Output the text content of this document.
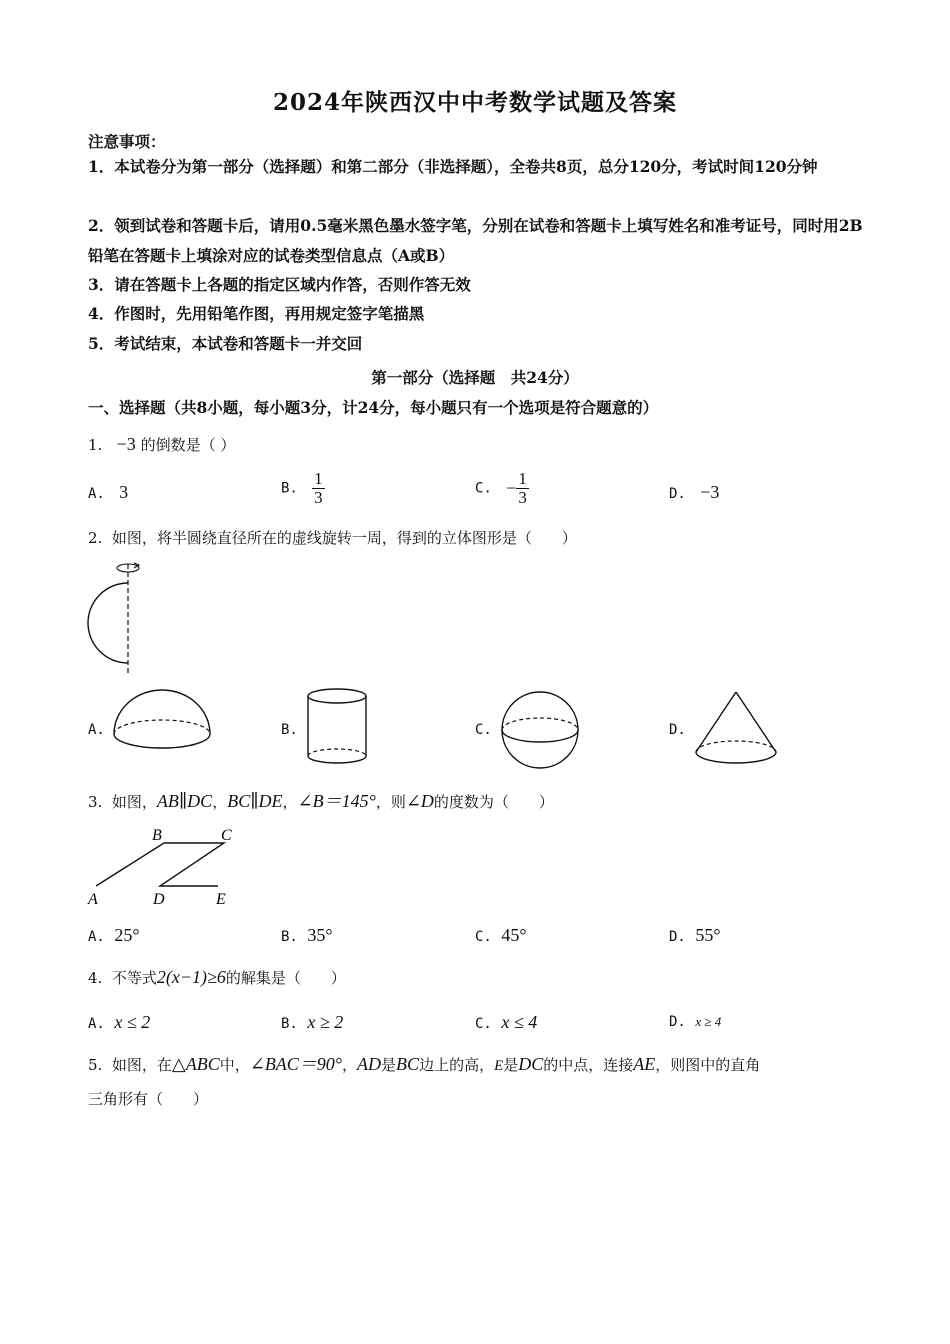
2024年陕西汉中中考数学试题及答案
注意事项：
1．本试卷分为第一部分（选择题）和第二部分（非选择题），全卷共8页，总分120分，考试时间120分钟
2．领到试卷和答题卡后，请用0.5毫米黑色墨水签字笔，分别在试卷和答题卡上填写姓名和准考证号，同时用2B铅笔在答题卡上填涂对应的试卷类型信息点（A或B）
3．请在答题卡上各题的指定区域内作答，否则作答无效
4．作图时，先用铅笔作图，再用规定签字笔描黑
5．考试结束，本试卷和答题卡一并交回
第一部分（选择题　共24分）
一、选择题（共8小题，每小题3分，计24分，每小题只有一个选项是符合题意的）
1. −3 的倒数是（ ）
A. 3	B. $\frac{1}{3}$	C. − $\frac{1}{3}$	D. −3
2. 如图，将半圆绕直径所在的虚线旋转一周，得到的立体图形是（　　）
A.	B.	C.	D.
3. 如图，AB∥DC，BC∥DE，∠B＝145°，则∠D的度数为（　　）
B	C
A	D	E
A. 25°	B. 35°	C. 45°	D. 55°
4. 不等式2(x−1)≥6的解集是（　　）
A. x ≤ 2	B. x ≥ 2	C. x ≤ 4	D. x ≥ 4
5. 如图，在△ABC中，∠BAC＝90°，AD是BC边上的高，E是DC的中点，连接AE，则图中的直角
三角形有（　　）
